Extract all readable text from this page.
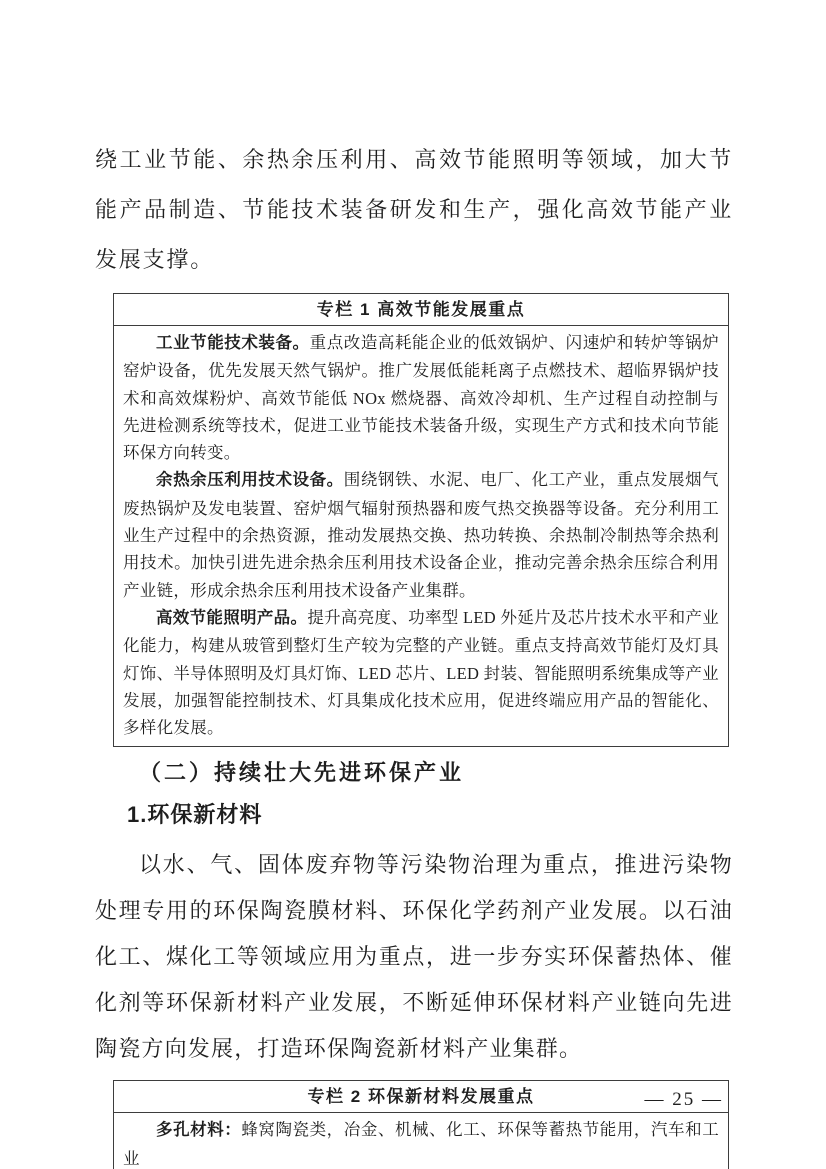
绕工业节能、余热余压利用、高效节能照明等领域，加大节能产品制造、节能技术装备研发和生产，强化高效节能产业发展支撑。

专栏 1 高效节能发展重点

工业节能技术装备。重点改造高耗能企业的低效锅炉、闪速炉和转炉等锅炉窑炉设备，优先发展天然气锅炉。推广发展低能耗离子点燃技术、超临界锅炉技术和高效煤粉炉、高效节能低 NOx 燃烧器、高效冷却机、生产过程自动控制与先进检测系统等技术，促进工业节能技术装备升级，实现生产方式和技术向节能环保方向转变。

余热余压利用技术设备。围绕钢铁、水泥、电厂、化工产业，重点发展烟气废热锅炉及发电装置、窑炉烟气辐射预热器和废气热交换器等设备。充分利用工业生产过程中的余热资源，推动发展热交换、热功转换、余热制冷制热等余热利用技术。加快引进先进余热余压利用技术设备企业，推动完善余热余压综合利用产业链，形成余热余压利用技术设备产业集群。

高效节能照明产品。提升高亮度、功率型 LED 外延片及芯片技术水平和产业化能力，构建从玻管到整灯生产较为完整的产业链。重点支持高效节能灯及灯具灯饰、半导体照明及灯具灯饰、LED 芯片、LED 封装、智能照明系统集成等产业发展，加强智能控制技术、灯具集成化技术应用，促进终端应用产品的智能化、多样化发展。

（二）持续壮大先进环保产业
1.环保新材料

以水、气、固体废弃物等污染物治理为重点，推进污染物处理专用的环保陶瓷膜材料、环保化学药剂产业发展。以石油化工、煤化工等领域应用为重点，进一步夯实环保蓄热体、催化剂等环保新材料产业发展，不断延伸环保材料产业链向先进陶瓷方向发展，打造环保陶瓷新材料产业集群。

专栏 2 环保新材料发展重点

多孔材料：蜂窝陶瓷类，冶金、机械、化工、环保等蓄热节能用，汽车和工业

— 25 —
